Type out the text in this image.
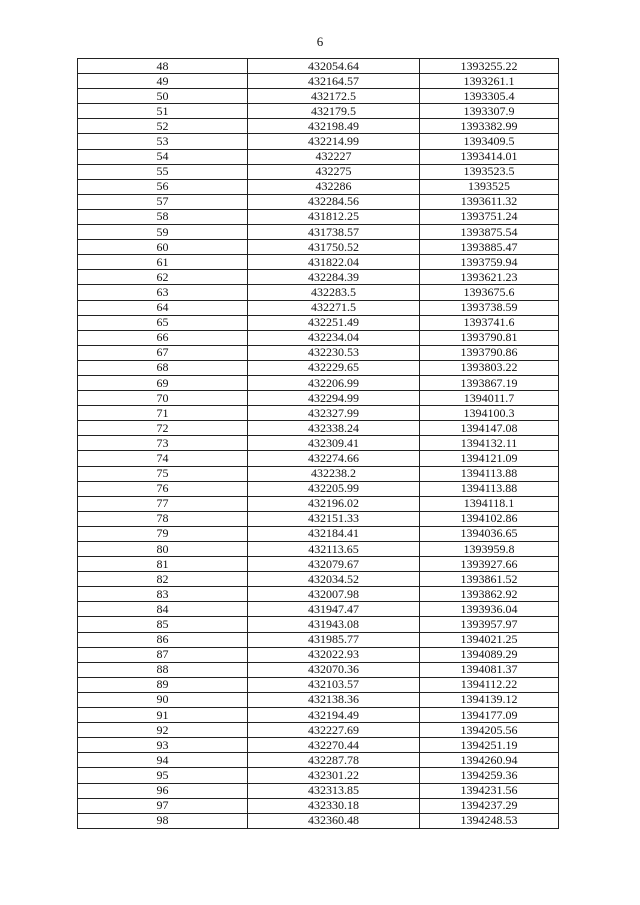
6
48	432054.64	1393255.22
49	432164.57	1393261.1
50	432172.5	1393305.4
51	432179.5	1393307.9
52	432198.49	1393382.99
53	432214.99	1393409.5
54	432227	1393414.01
55	432275	1393523.5
56	432286	1393525
57	432284.56	1393611.32
58	431812.25	1393751.24
59	431738.57	1393875.54
60	431750.52	1393885.47
61	431822.04	1393759.94
62	432284.39	1393621.23
63	432283.5	1393675.6
64	432271.5	1393738.59
65	432251.49	1393741.6
66	432234.04	1393790.81
67	432230.53	1393790.86
68	432229.65	1393803.22
69	432206.99	1393867.19
70	432294.99	1394011.7
71	432327.99	1394100.3
72	432338.24	1394147.08
73	432309.41	1394132.11
74	432274.66	1394121.09
75	432238.2	1394113.88
76	432205.99	1394113.88
77	432196.02	1394118.1
78	432151.33	1394102.86
79	432184.41	1394036.65
80	432113.65	1393959.8
81	432079.67	1393927.66
82	432034.52	1393861.52
83	432007.98	1393862.92
84	431947.47	1393936.04
85	431943.08	1393957.97
86	431985.77	1394021.25
87	432022.93	1394089.29
88	432070.36	1394081.37
89	432103.57	1394112.22
90	432138.36	1394139.12
91	432194.49	1394177.09
92	432227.69	1394205.56
93	432270.44	1394251.19
94	432287.78	1394260.94
95	432301.22	1394259.36
96	432313.85	1394231.56
97	432330.18	1394237.29
98	432360.48	1394248.53
